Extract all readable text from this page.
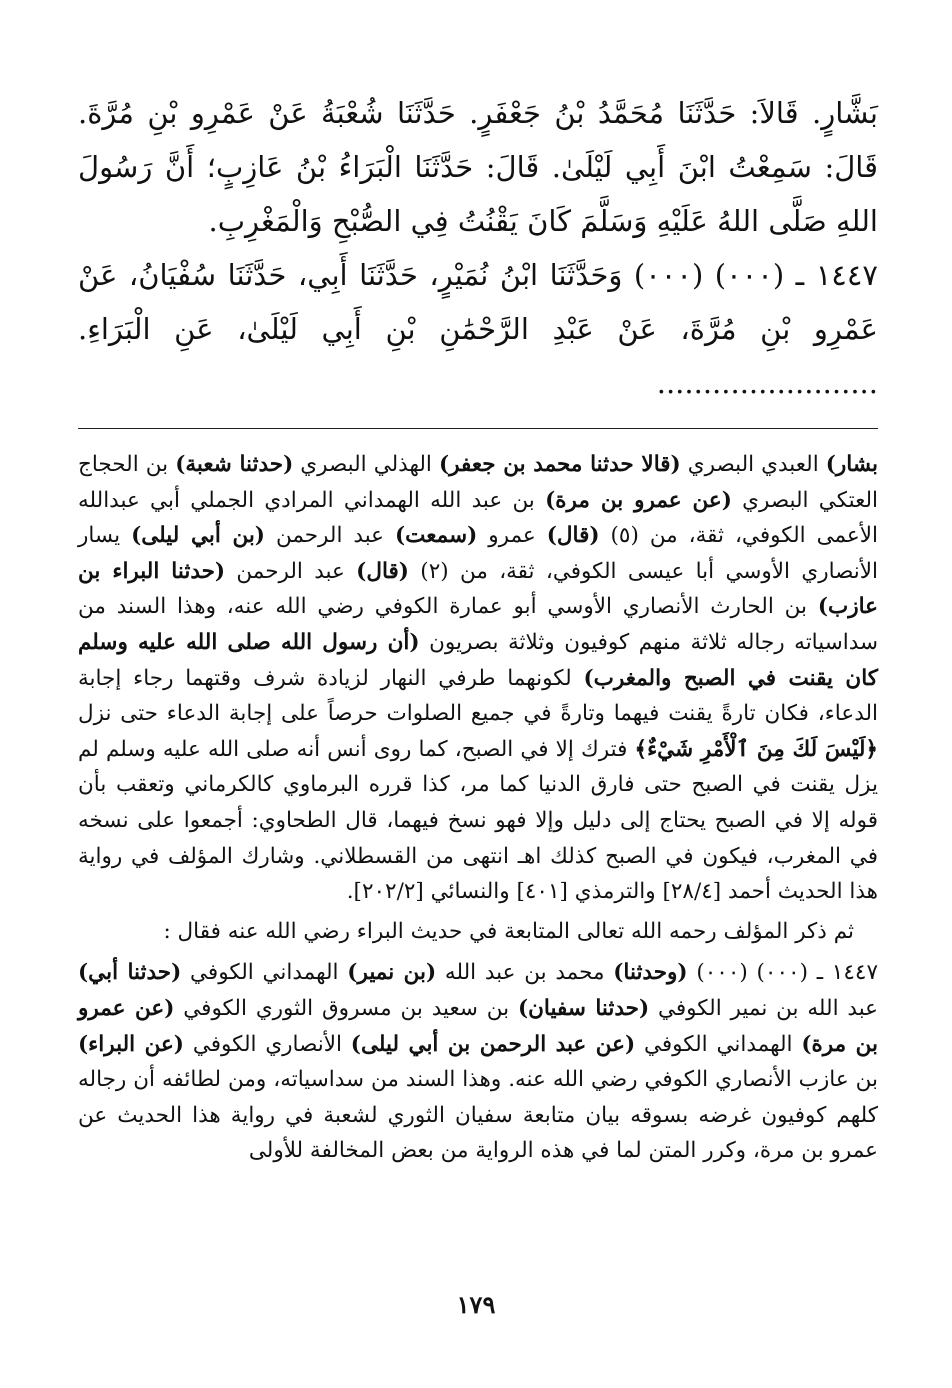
بَشَّارٍ. قَالاَ: حَدَّثَنَا مُحَمَّدُ بْنُ جَعْفَرٍ. حَدَّثَنَا شُعْبَةُ عَنْ عَمْرِو بْنِ مُرَّةَ. قَالَ: سَمِعْتُ ابْنَ أَبِي لَيْلَىٰ. قَالَ: حَدَّثَنَا الْبَرَاءُ بْنُ عَازِبٍ؛ أَنَّ رَسُولَ اللهِ صَلَّى اللهُ عَلَيْهِ وَسَلَّمَ كَانَ يَقْنُتُ فِي الصُّبْحِ وَالْمَغْرِبِ.

١٤٤٧ ـ (٠٠٠) (٠٠٠) وَحَدَّثَنَا ابْنُ نُمَيْرٍ، حَدَّثَنَا أَبِي، حَدَّثَنَا سُفْيَانُ، عَنْ عَمْرِو بْنِ مُرَّةَ، عَنْ عَبْدِ الرَّحْمَٰنِ بْنِ أَبِي لَيْلَىٰ، عَنِ الْبَرَاءِ. ........................

بشار) العبدي البصري (قالا حدثنا محمد بن جعفر) الهذلي البصري (حدثنا شعبة) بن الحجاج العتكي البصري (عن عمرو بن مرة) بن عبد الله الهمداني المرادي الجملي أبي عبدالله الأعمى الكوفي، ثقة، من (٥) (قال) عمرو (سمعت) عبد الرحمن (بن أبي ليلى) يسار الأنصاري الأوسي أبا عيسى الكوفي، ثقة، من (٢) (قال) عبد الرحمن (حدثنا البراء بن عازب) بن الحارث الأنصاري الأوسي أبو عمارة الكوفي رضي الله عنه، وهذا السند من سداسياته رجاله ثلاثة منهم كوفيون وثلاثة بصريون (أن رسول الله صلى الله عليه وسلم كان يقنت في الصبح والمغرب) لكونهما طرفي النهار لزيادة شرف وقتهما رجاء إجابة الدعاء، فكان تارةً يقنت فيهما وتارةً في جميع الصلوات حرصاً على إجابة الدعاء حتى نزل ﴿لَيْسَ لَكَ مِنَ ٱلْأَمْرِ شَيْءٌ﴾ فترك إلا في الصبح، كما روى أنس أنه صلى الله عليه وسلم لم يزل يقنت في الصبح حتى فارق الدنيا كما مر، كذا قرره البرماوي كالكرماني وتعقب بأن قوله إلا في الصبح يحتاج إلى دليل وإلا فهو نسخ فيهما، قال الطحاوي: أجمعوا على نسخه في المغرب، فيكون في الصبح كذلك اهـ انتهى من القسطلاني. وشارك المؤلف في رواية هذا الحديث أحمد [٢٨/٤] والترمذي [٤٠١] والنسائي [٢٠٢/٢].

ثم ذكر المؤلف رحمه الله تعالى المتابعة في حديث البراء رضي الله عنه فقال :

١٤٤٧ ـ (٠٠٠) (٠٠٠) (وحدثنا) محمد بن عبد الله (بن نمير) الهمداني الكوفي (حدثنا أبي) عبد الله بن نمير الكوفي (حدثنا سفيان) بن سعيد بن مسروق الثوري الكوفي (عن عمرو بن مرة) الهمداني الكوفي (عن عبد الرحمن بن أبي ليلى) الأنصاري الكوفي (عن البراء) بن عازب الأنصاري الكوفي رضي الله عنه. وهذا السند من سداسياته، ومن لطائفه أن رجاله كلهم كوفيون غرضه بسوقه بيان متابعة سفيان الثوري لشعبة في رواية هذا الحديث عن عمرو بن مرة، وكرر المتن لما في هذه الرواية من بعض المخالفة للأولى

١٧٩
